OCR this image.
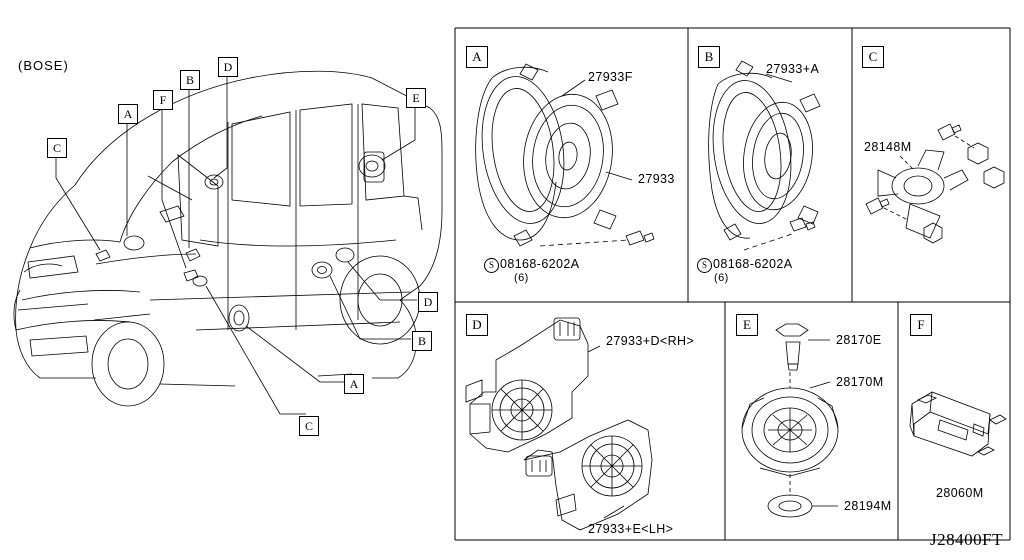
(BOSE)
J28400FT
A
B
C
D
E
F
D
B
A
C
A	B	C
D	E	F
27933F
27933
S 08168-6202A
(6)
27933+A
S 08168-6202A
(6)
28148M
27933+D<RH>
27933+E<LH>
28170E
28170M
28194M
28060M
